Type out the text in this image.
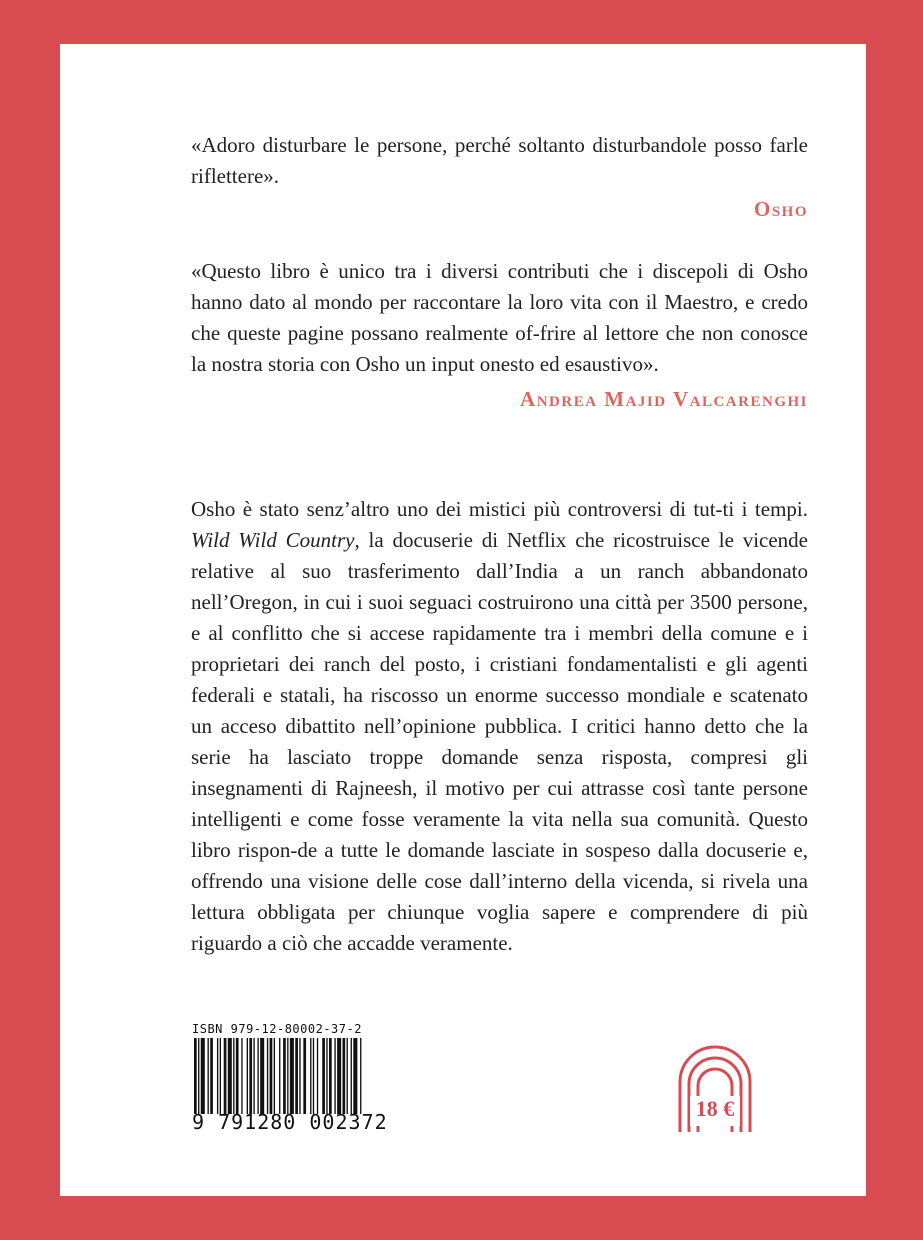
«Adoro disturbare le persone, perché soltanto disturbandole posso farle riflettere».

Osho

«Questo libro è unico tra i diversi contributi che i discepoli di Osho hanno dato al mondo per raccontare la loro vita con il Maestro, e credo che queste pagine possano realmente of-frire al lettore che non conosce la nostra storia con Osho un input onesto ed esaustivo».

Andrea Majid Valcarenghi

Osho è stato senz’altro uno dei mistici più controversi di tut-ti i tempi. Wild Wild Country, la docuserie di Netflix che ricostruisce le vicende relative al suo trasferimento dall’India a un ranch abbandonato nell’Oregon, in cui i suoi seguaci costruirono una città per 3500 persone, e al conflitto che si accese rapidamente tra i membri della comune e i proprietari dei ranch del posto, i cristiani fondamentalisti e gli agenti federali e statali, ha riscosso un enorme successo mondiale e scatenato un acceso dibattito nell’opinione pubblica. I critici hanno detto che la serie ha lasciato troppe domande senza risposta, compresi gli insegnamenti di Rajneesh, il motivo per cui attrasse così tante persone intelligenti e come fosse veramente la vita nella sua comunità. Questo libro rispon-de a tutte le domande lasciate in sospeso dalla docuserie e, offrendo una visione delle cose dall’interno della vicenda, si rivela una lettura obbligata per chiunque voglia sapere e comprendere di più riguardo a ciò che accadde veramente.

ISBN 979-12-80002-37-2
9 791280 002372
18 €
